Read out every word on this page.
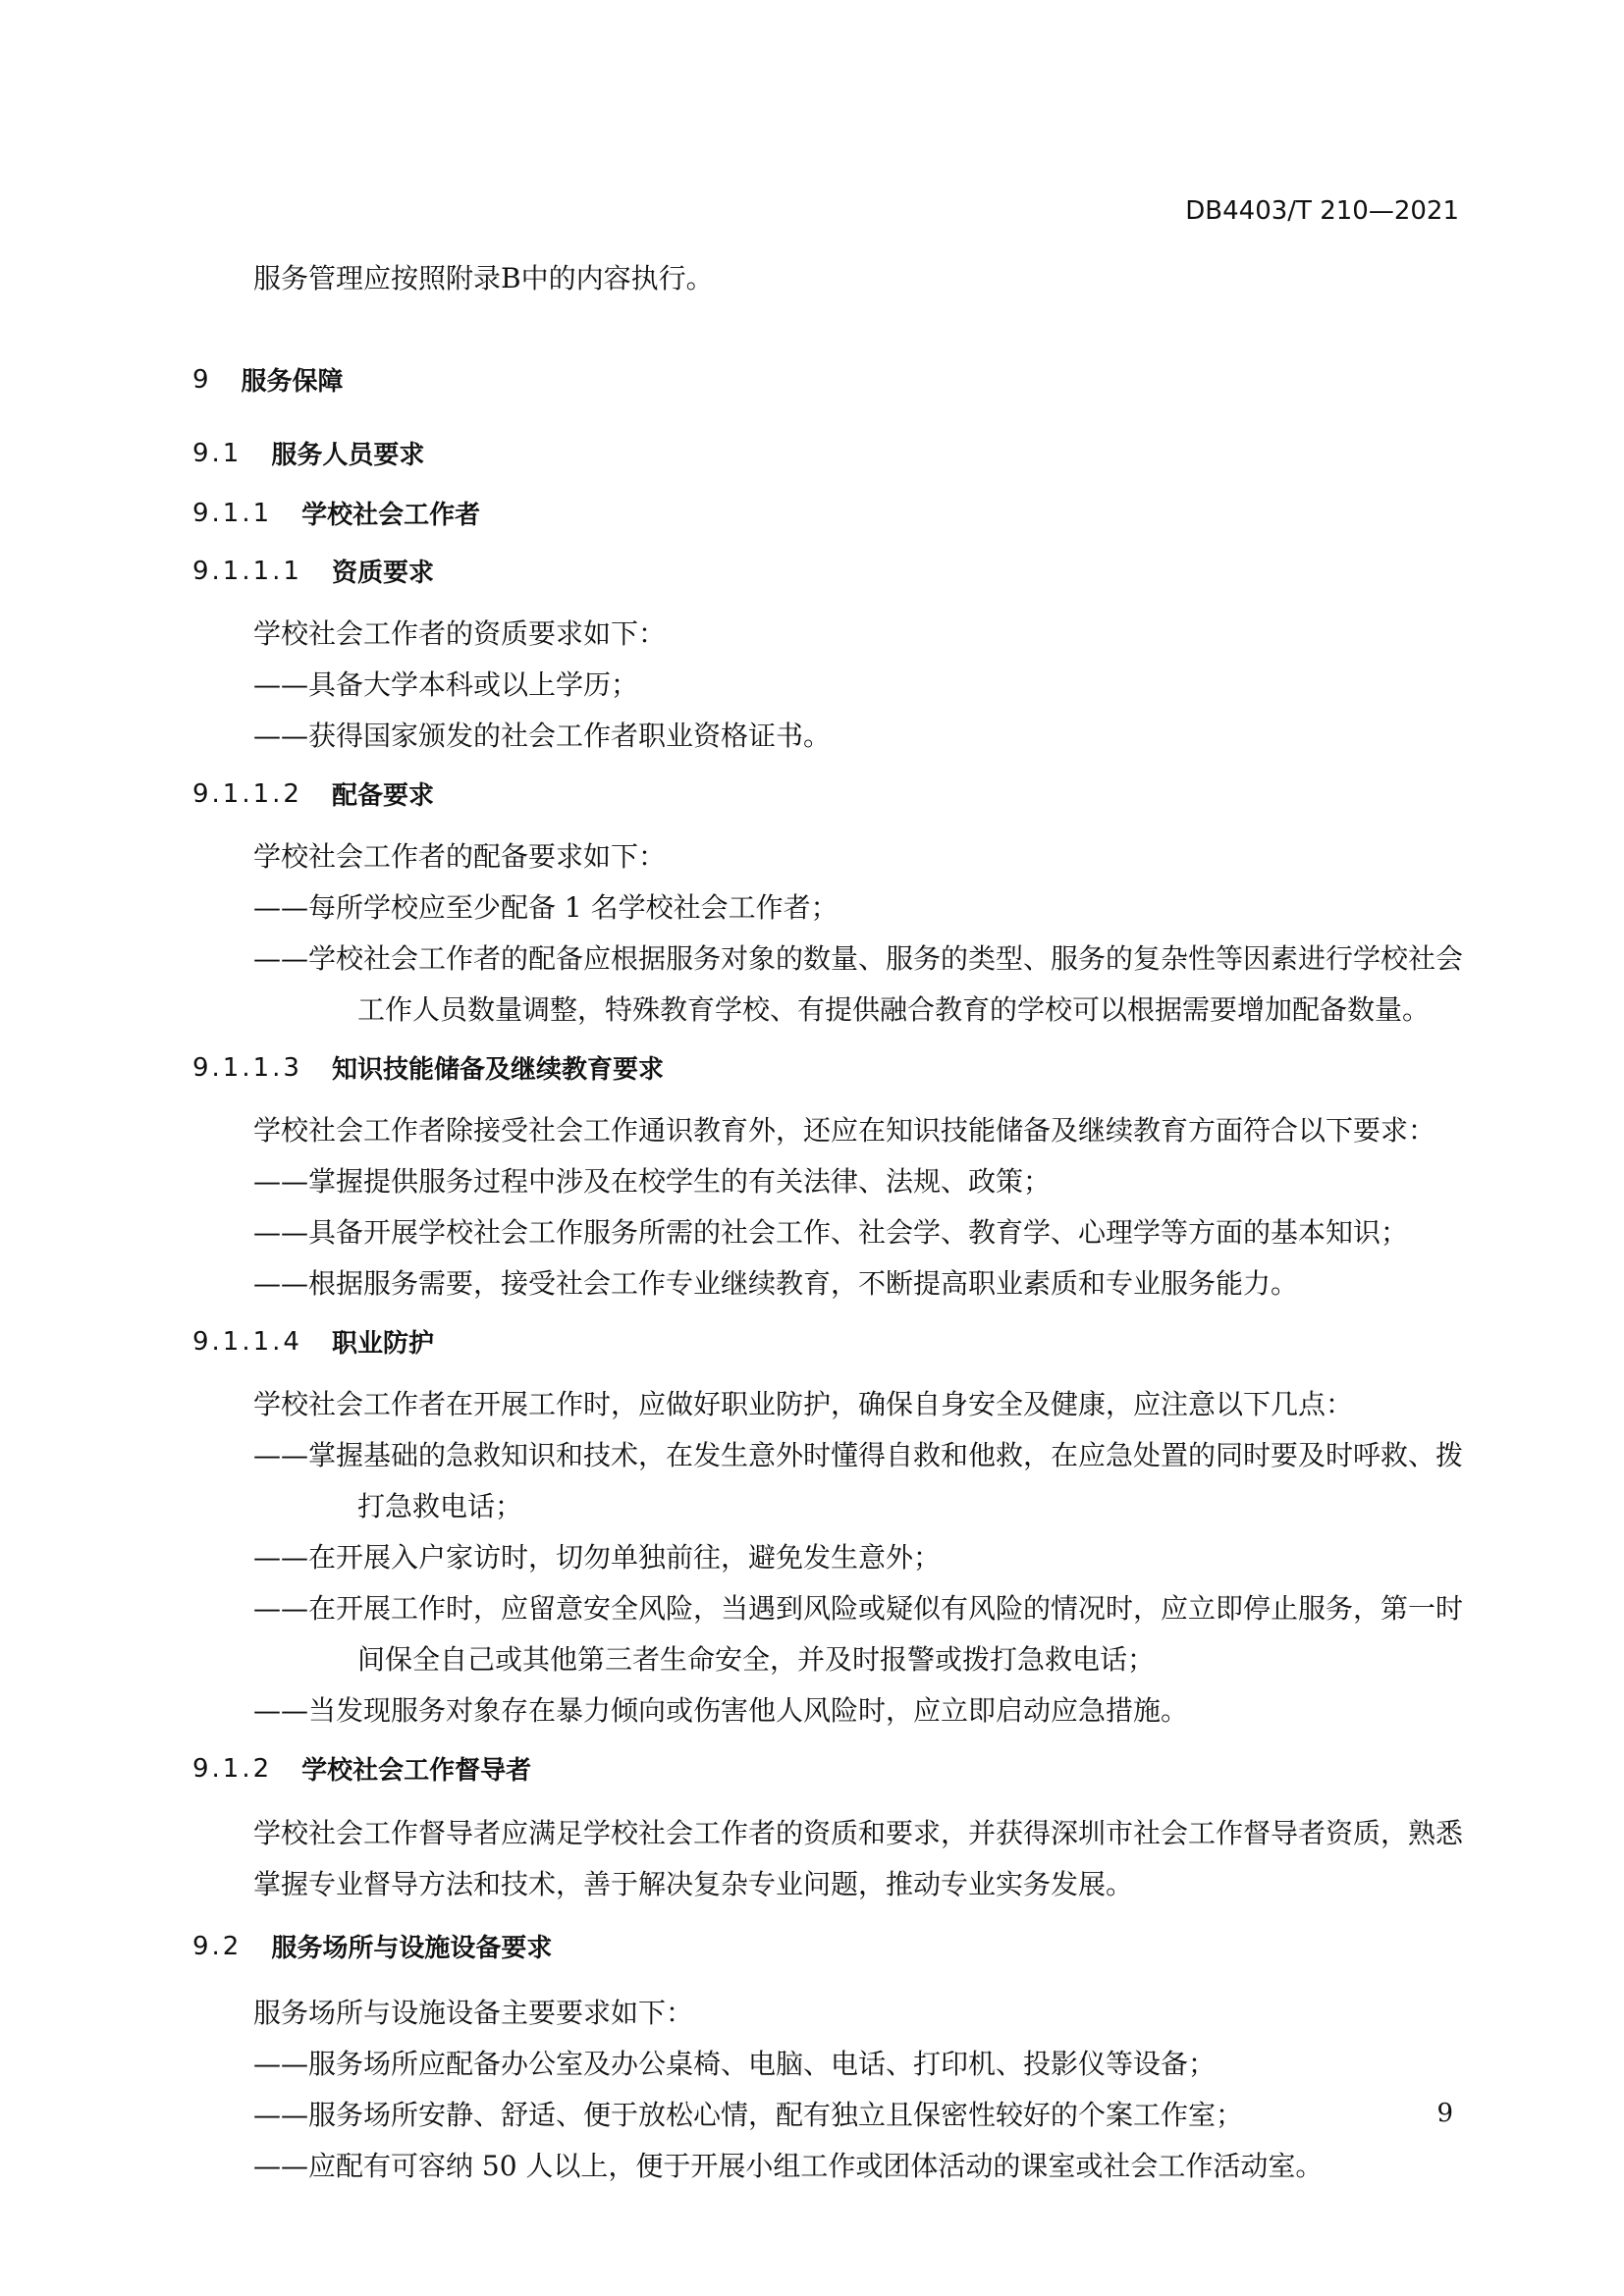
DB4403/T 210—2021

服务管理应按照附录B中的内容执行。

9 服务保障
9.1 服务人员要求
9.1.1 学校社会工作者
9.1.1.1 资质要求

学校社会工作者的资质要求如下：

——具备大学本科或以上学历；

——获得国家颁发的社会工作者职业资格证书。

9.1.1.2 配备要求

学校社会工作者的配备要求如下：

——每所学校应至少配备 1 名学校社会工作者；

——学校社会工作者的配备应根据服务对象的数量、服务的类型、服务的复杂性等因素进行学校社会工作人员数量调整，特殊教育学校、有提供融合教育的学校可以根据需要增加配备数量。

9.1.1.3 知识技能储备及继续教育要求

学校社会工作者除接受社会工作通识教育外，还应在知识技能储备及继续教育方面符合以下要求：

——掌握提供服务过程中涉及在校学生的有关法律、法规、政策；

——具备开展学校社会工作服务所需的社会工作、社会学、教育学、心理学等方面的基本知识；

——根据服务需要，接受社会工作专业继续教育，不断提高职业素质和专业服务能力。

9.1.1.4 职业防护

学校社会工作者在开展工作时，应做好职业防护，确保自身安全及健康，应注意以下几点：

——掌握基础的急救知识和技术，在发生意外时懂得自救和他救，在应急处置的同时要及时呼救、拨打急救电话；

——在开展入户家访时，切勿单独前往，避免发生意外；

——在开展工作时，应留意安全风险，当遇到风险或疑似有风险的情况时，应立即停止服务，第一时间保全自己或其他第三者生命安全，并及时报警或拨打急救电话；

——当发现服务对象存在暴力倾向或伤害他人风险时，应立即启动应急措施。

9.1.2 学校社会工作督导者

学校社会工作督导者应满足学校社会工作者的资质和要求，并获得深圳市社会工作督导者资质，熟悉掌握专业督导方法和技术，善于解决复杂专业问题，推动专业实务发展。

9.2 服务场所与设施设备要求

服务场所与设施设备主要要求如下：

——服务场所应配备办公室及办公桌椅、电脑、电话、打印机、投影仪等设备；

——服务场所安静、舒适、便于放松心情，配有独立且保密性较好的个案工作室；

——应配有可容纳 50 人以上，便于开展小组工作或团体活动的课室或社会工作活动室。

9
